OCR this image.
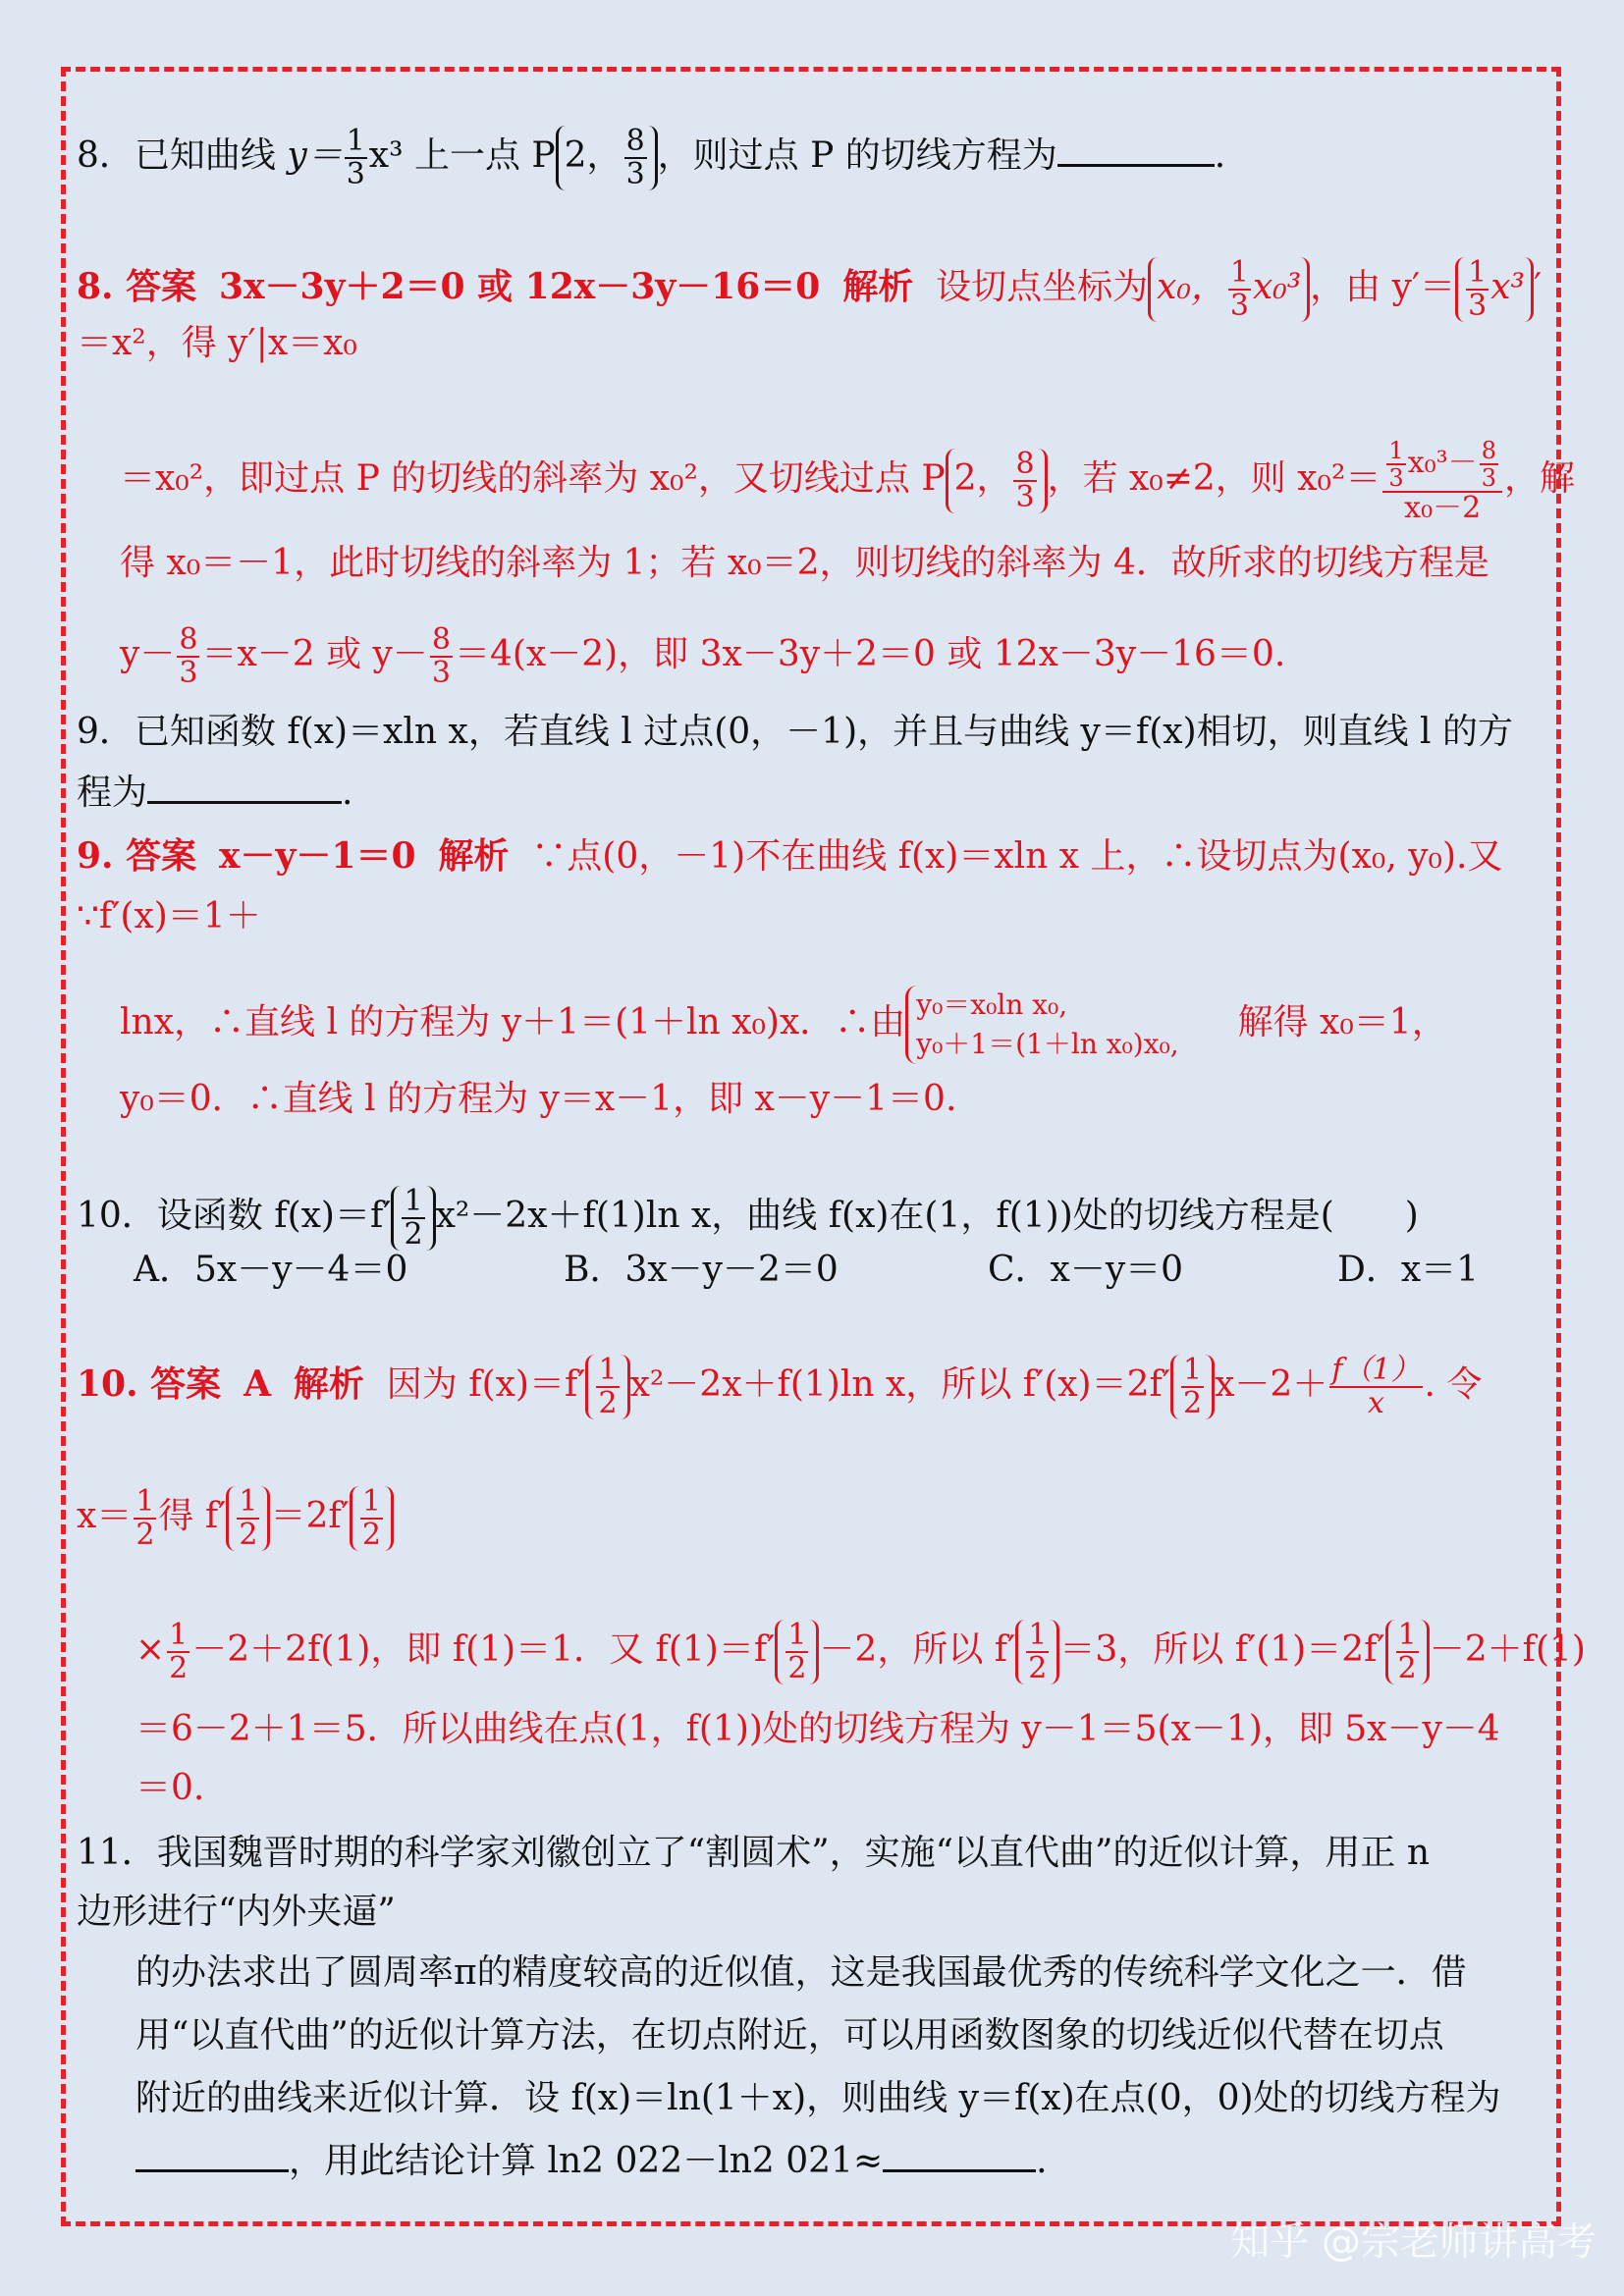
8．已知曲线 $y= \frac{1}{3} x^3$ 上一点 P 2， $\frac{8}{3}$ ，则过点 P 的切线方程为	.
8. 答案 3x－3y＋2＝0 或 12x－3y－16＝0 解析 设切点坐标为 x₀， $\frac{1}{3} x_0^3$ ，由 $y'= \frac{1}{3} x^3$ ′
＝x²，得 y′|x＝x₀
＝x₀²，即过点 P 的切线的斜率为 x₀²，又切线过点 P 2， $\frac{8}{3}$ ，若 x₀≠2，则 $x_0^2= \frac{\frac{1}{3} x_0^3- \frac{8}{3}}{\text{x₀－2}}$ ，解
得 x₀＝－1，此时切线的斜率为 1；若 x₀＝2，则切线的斜率为 4．故所求的切线方程是
$y- \frac{8}{3} =x-2$ 或 $y- \frac{8}{3} =4(x-2)$，即 3x－3y＋2＝0 或 12x－3y－16＝0.
9．已知函数 f(x)＝xln x，若直线 l 过点(0，－1)，并且与曲线 y＝f(x)相切，则直线 l 的方
程为	.
9. 答案 x－y－1＝0 解析 ∵点(0，－1)不在曲线 f(x)＝xln x 上，∴设切点为(x₀, y₀).又
∵f′(x)＝1＋
lnx，∴直线 l 的方程为 y＋1＝(1＋ln x₀)x．∴由 y₀＝x₀ln x₀,
y₀＋1＝(1＋ln x₀)x₀,
解得 x₀＝1，
y₀＝0．∴直线 l 的方程为 y＝x－1，即 x－y－1＝0.
10．设函数 $f(x)=f' \frac{1}{2} x^2-2x+f(1)\ln$ x，曲线 f(x)在(1，f(1))处的切线方程是(　　)
A．5x－y－4＝0	B．3x－y－2＝0	C．x－y＝0	D．x＝1
10. 答案 A 解析 因为 $f(x)=f' \frac{1}{2} x^2-2x+f(1)\ln$ x，所以 $f'(x)=2f' \frac{1}{2} x-2+ \frac{f(1)}{x}$ . 令
$x= \frac{1}{2}$ 得 $f' \frac{1}{2} =2f' \frac{1}{2}$
× $\frac{1}{2} -2+2f(1)$，即 f(1)＝1．又 $f(1)=f' \frac{1}{2} -2$，所以 $f' \frac{1}{2} =3$，所以 $f'(1)=2f' \frac{1}{2} -2+f(1)$
＝6－2＋1＝5．所以曲线在点(1，f(1))处的切线方程为 y－1＝5(x－1)，即 5x－y－4
＝0.
11．我国魏晋时期的科学家刘徽创立了“割圆术”，实施“以直代曲”的近似计算，用正 n
边形进行“内外夹逼”
的办法求出了圆周率π的精度较高的近似值，这是我国最优秀的传统科学文化之一．借
用“以直代曲”的近似计算方法，在切点附近，可以用函数图象的切线近似代替在切点
附近的曲线来近似计算．设 f(x)＝ln(1＋x)，则曲线 y＝f(x)在点(0，0)处的切线方程为
，用此结论计算 ln2 022－ln2 021≈	.
知乎 @宗老师讲高考
